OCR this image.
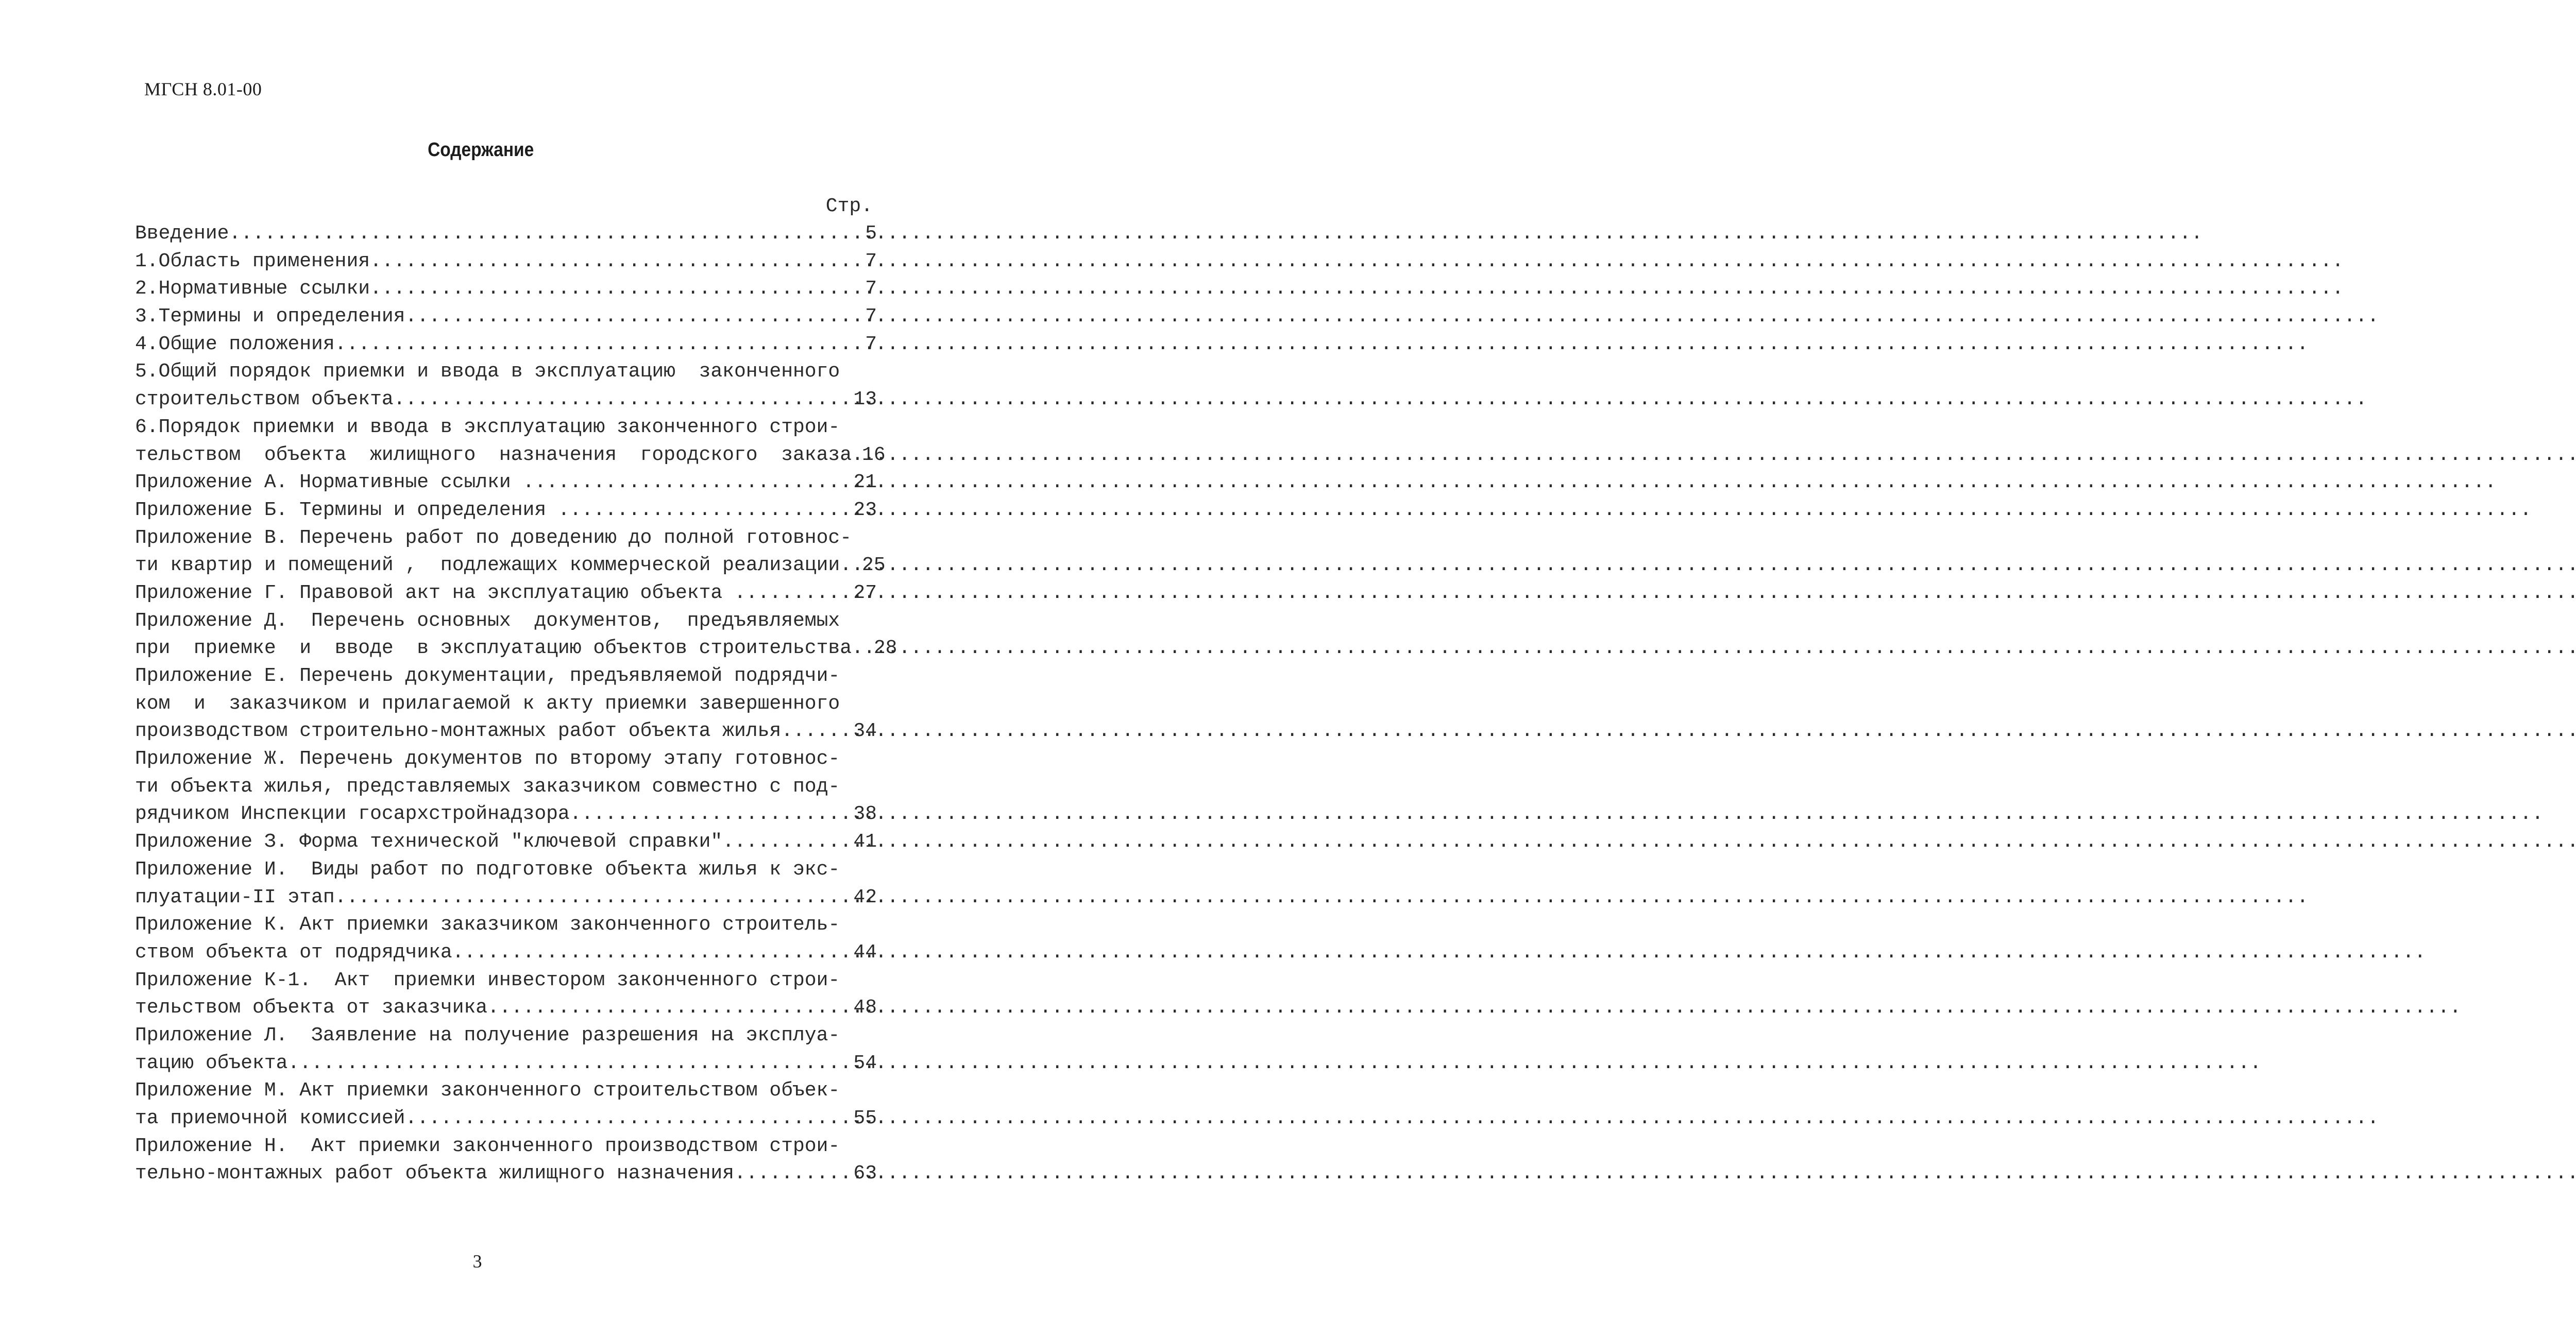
МГСН 8.01-00
Содержание
Стр.
Введение .....	5
1.Область применения .....	7
2.Нормативные ссылки .....	7
3.Термины и определения .....	7
4.Общие положения .....	7
5.Общий порядок приемки и ввода в эксплуатацию  законченного
строительством объекта .....	13
6.Порядок приемки и ввода в эксплуатацию законченного строи-
тельством  объекта  жилищного  назначения  городского  заказа ..... 16
Приложение А. Нормативные ссылки .....	21
Приложение Б. Термины и определения .....	23
Приложение В. Перечень работ по доведению до полной готовнос-
ти квартир и помещений ,  подлежащих коммерческой реализации ..... 25
Приложение Г. Правовой акт на эксплуатацию объекта .....	27
Приложение Д.  Перечень основных  документов,  предъявляемых
при  приемке  и  вводе  в эксплуатацию объектов строительства ..... 28
Приложение Е. Перечень документации, предъявляемой подрядчи-
ком  и  заказчиком и прилагаемой к акту приемки завершенного
производством строительно-монтажных работ объекта жилья .....	34
Приложение Ж. Перечень документов по второму этапу готовнос-
ти объекта жилья, представляемых заказчиком совместно с под-
рядчиком Инспекции госархстройнадзора .....	38
Приложение З. Форма технической "ключевой справки" .....	41
Приложение И.  Виды работ по подготовке объекта жилья к экс-
плуатации-II этап .....	42
Приложение К. Акт приемки заказчиком законченного строитель-
ством объекта от подрядчика .....	44
Приложение К-1.  Акт  приемки инвестором законченного строи-
тельством объекта от заказчика .....	48
Приложение Л.  Заявление на получение разрешения на эксплуа-
тацию объекта .....	54
Приложение М. Акт приемки законченного строительством объек-
та приемочной комиссией .....	55
Приложение Н.  Акт приемки законченного производством строи-
тельно-монтажных работ объекта жилищного назначения .....	63
3
